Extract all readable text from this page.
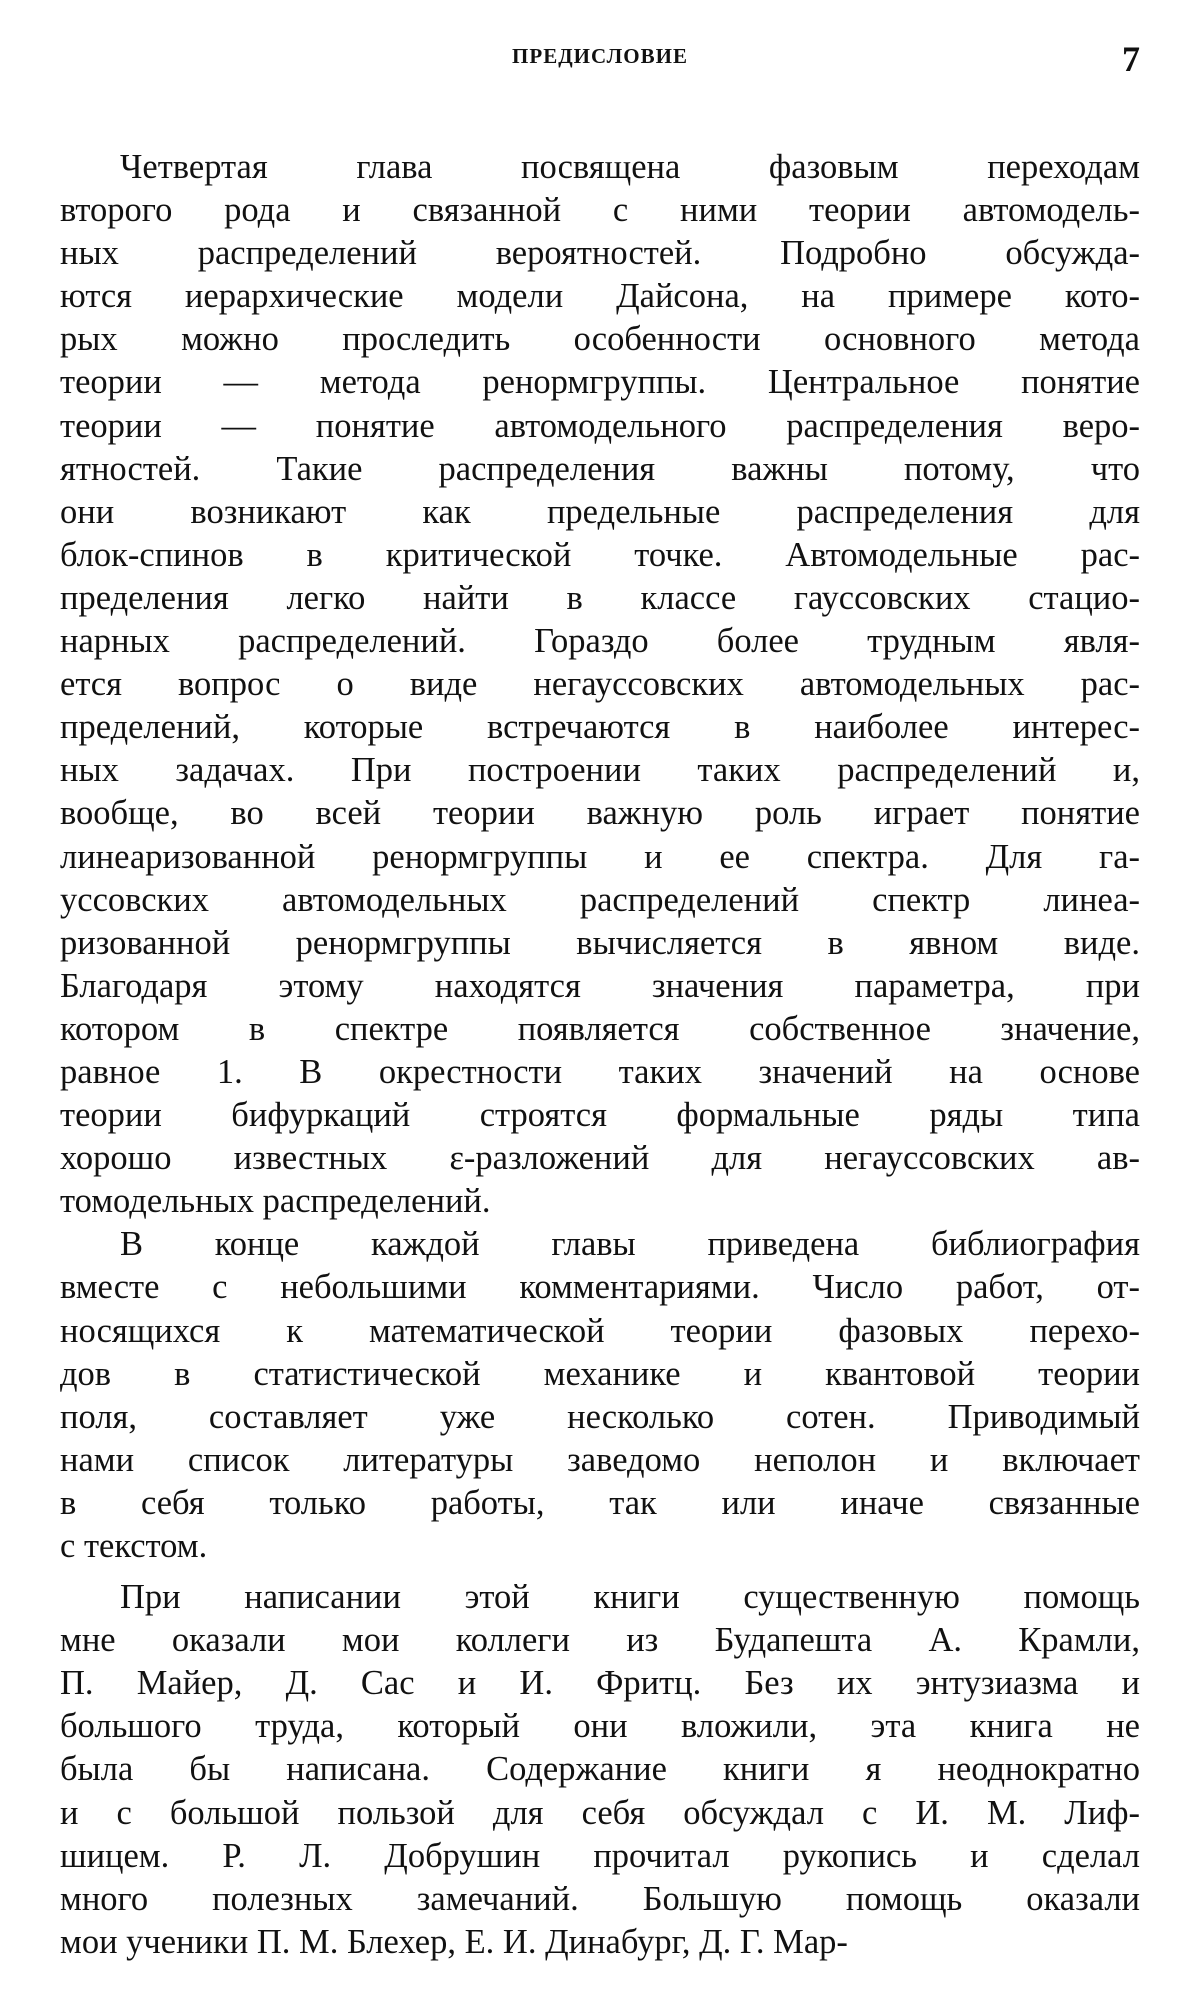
ПРЕДИСЛОВИЕ	7
Четвертая глава посвящена фазовым переходам
второго рода и связанной с ними теории автомодель-
ных распределений вероятностей. Подробно обсужда-
ются иерархические модели Дайсона, на примере кото-
рых можно проследить особенности основного метода
теории — метода ренормгруппы. Центральное понятие
теории — понятие автомодельного распределения веро-
ятностей. Такие распределения важны потому, что
они возникают как предельные распределения для
блок-спинов в критической точке. Автомодельные рас-
пределения легко найти в классе гауссовских стацио-
нарных распределений. Гораздо более трудным явля-
ется вопрос о виде негауссовских автомодельных рас-
пределений, которые встречаются в наиболее интерес-
ных задачах. При построении таких распределений и,
вообще, во всей теории важную роль играет понятие
линеаризованной ренормгруппы и ее спектра. Для га-
уссовских автомодельных распределений спектр линеа-
ризованной ренормгруппы вычисляется в явном виде.
Благодаря этому находятся значения параметра, при
котором в спектре появляется собственное значение,
равное 1. В окрестности таких значений на основе
теории бифуркаций строятся формальные ряды типа
хорошо известных ε-разложений для негауссовских ав-
томодельных распределений.
В конце каждой главы приведена библиография
вместе с небольшими комментариями. Число работ, от-
носящихся к математической теории фазовых перехо-
дов в статистической механике и квантовой теории
поля, составляет уже несколько сотен. Приводимый
нами список литературы заведомо неполон и включает
в себя только работы, так или иначе связанные
с текстом.
При написании этой книги существенную помощь
мне оказали мои коллеги из Будапешта А. Крамли,
П. Майер, Д. Сас и И. Фритц. Без их энтузиазма и
большого труда, который они вложили, эта книга не
была бы написана. Содержание книги я неоднократно
и с большой пользой для себя обсуждал с И. М. Лиф-
шицем. Р. Л. Добрушин прочитал рукопись и сделал
много полезных замечаний. Большую помощь оказали
мои ученики П. М. Блехер, Е. И. Динабург, Д. Г. Мар-
